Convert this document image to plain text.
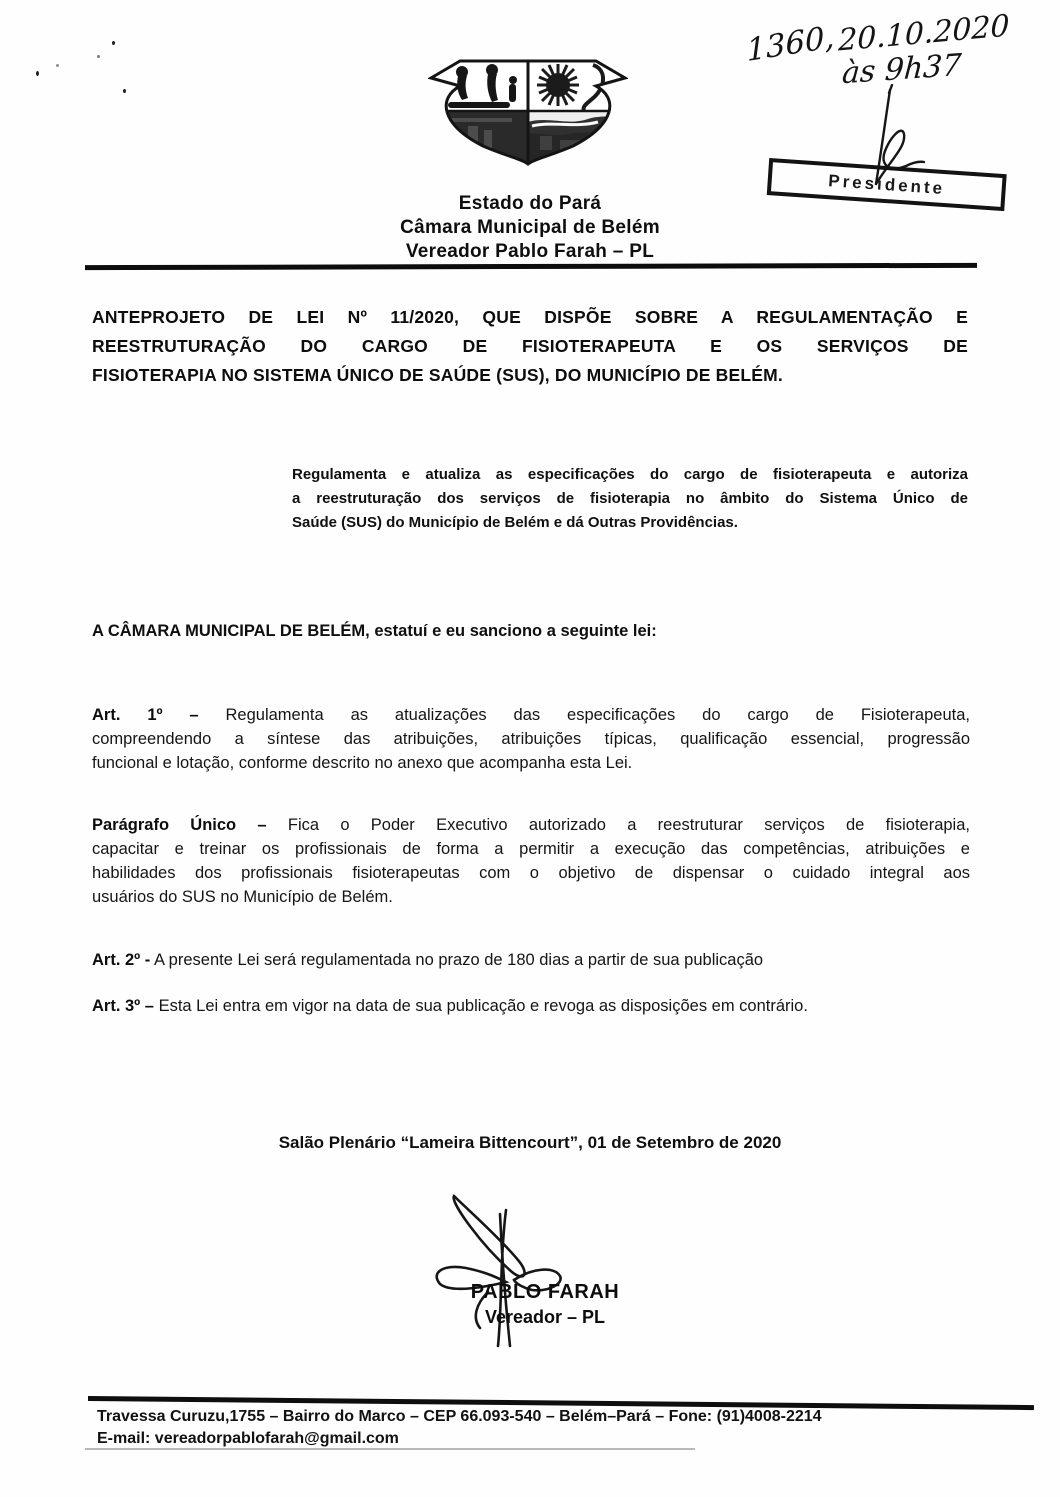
1360, 20.10.2020
às 9h37
Presidente
Estado do Pará
Câmara Municipal de Belém
Vereador Pablo Farah – PL
ANTEPROJETO DE LEI Nº 11/2020, QUE DISPÕE SOBRE A REGULAMENTAÇÃO E
REESTRUTURAÇÃO DO CARGO DE FISIOTERAPEUTA E OS SERVIÇOS DE
FISIOTERAPIA NO SISTEMA ÚNICO DE SAÚDE (SUS), DO MUNICÍPIO DE BELÉM.
Regulamenta e atualiza as especificações do cargo de fisioterapeuta e autoriza
a reestruturação dos serviços de fisioterapia no âmbito do Sistema Único de
Saúde (SUS) do Município de Belém e dá Outras Providências.
A CÂMARA MUNICIPAL DE BELÉM, estatuí e eu sanciono a seguinte lei:
Art. 1º – Regulamenta as atualizações das especificações do cargo de Fisioterapeuta,
compreendendo a síntese das atribuições, atribuições típicas, qualificação essencial, progressão
funcional e lotação, conforme descrito no anexo que acompanha esta Lei.
Parágrafo Único – Fica o Poder Executivo autorizado a reestruturar serviços de fisioterapia,
capacitar e treinar os profissionais de forma a permitir a execução das competências, atribuições e
habilidades dos profissionais fisioterapeutas com o objetivo de dispensar o cuidado integral aos
usuários do SUS no Município de Belém.
Art. 2º - A presente Lei será regulamentada no prazo de 180 dias a partir de sua publicação
Art. 3º – Esta Lei entra em vigor na data de sua publicação e revoga as disposições em contrário.
Salão Plenário “Lameira Bittencourt”, 01 de Setembro de 2020
PABLO FARAH
Vereador – PL
Travessa Curuzu,1755 – Bairro do Marco – CEP 66.093-540 – Belém–Pará – Fone: (91)4008-2214
E-mail: vereadorpablofarah@gmail.com
